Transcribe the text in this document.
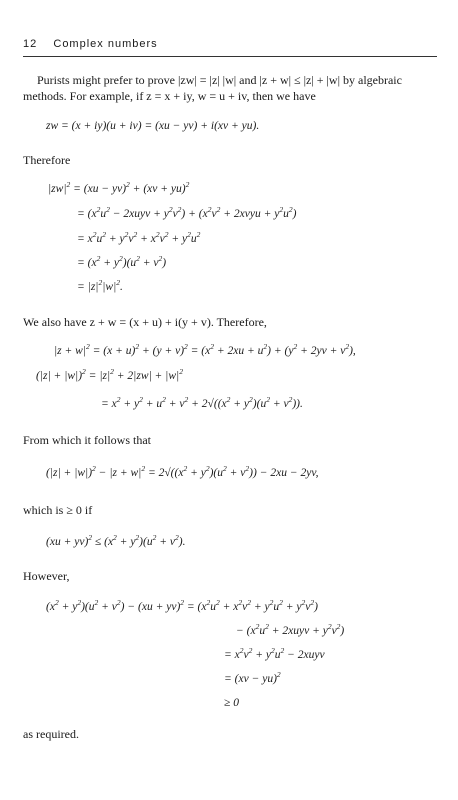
12 Complex numbers
Purists might prefer to prove |zw| = |z| |w| and |z + w| ≤ |z| + |w| by algebraic
methods. For example, if z = x + iy, w = u + iv, then we have
zw = (x + iy)(u + iv) = (xu − yv) + i(xv + yu).
Therefore
$|zw|^2 = (xu - yv)^2 + (xv + yu)^2$
= ($x^2u^2$ − 2xuyv + $y^2v^2) + (x^2v^2$ + 2xvyu + $y^2u^2$)
= $x^2u^2 + y^2v^2 + x^2v^2 + y^2u^2$
= $(x^2 + y^2)(u^2 + v^2)$
= $|z|^2|w|^2$.
We also have z + w = (x + u) + i(y + v). Therefore,
$|z + w|^2 = (x + u)^2 + (y + v)^2 = (x^2 + 2xu + u^2) + (y^2 + 2yv + v^2)$,
$(|z| + |w|)^2 = |z|^2 + 2|zw| + |w|^2$
= $x^2 + y^2 + u^2 + v^2 + 2√((x^2 + y^2)(u^2 + v^2))$.
From which it follows that
$(|z| + |w|)^2 - |z + w|^2 = 2√((x^2 + y^2)(u^2 + v^2)) - 2xu - 2yv$,
which is ≥ 0 if
$(xu + yv)^2 \le (x^2 + y^2)(u^2 + v^2)$.
However,
$(x^2 + y^2)(u^2 + v^2) - (xu + yv)^2 = (x^2u^2 + x^2v^2 + y^2u^2 + y^2v^2)$
− ($x^2u^2$ + 2xuyv + $y^2v^2$)
= $x^2v^2 + y^2u^2$ − 2xuyv
= (xv − yu)$^2$
≥ 0
as required.
